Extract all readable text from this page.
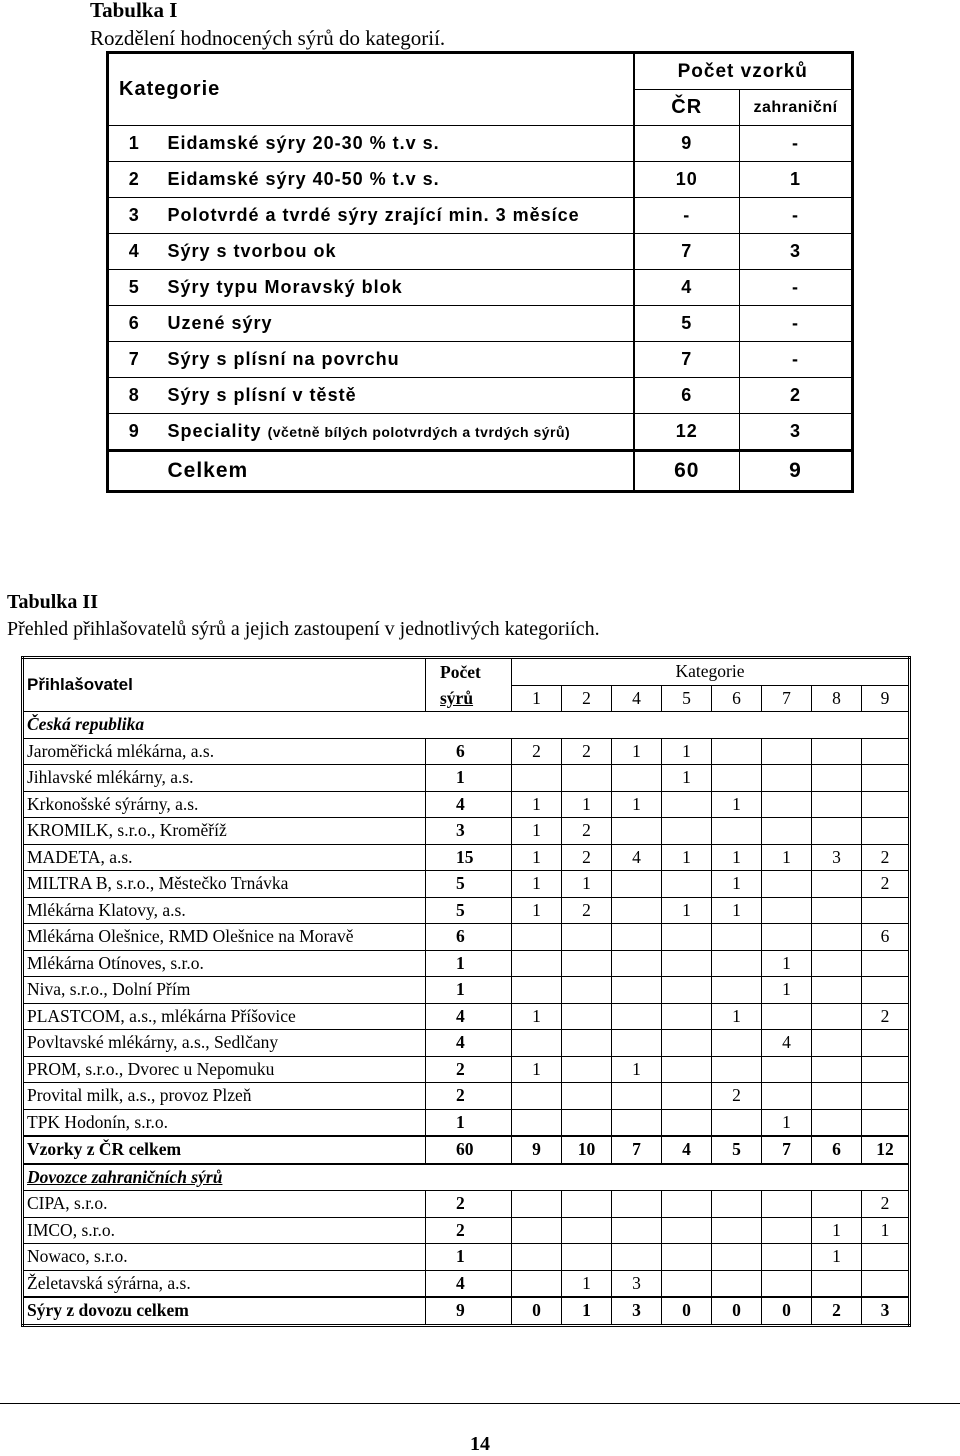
Tabulka I
Rozdělení hodnocených sýrů do kategorií.
Kategorie		Počet vzorků	
		ČR	zahraniční
1	Eidamské sýry 20-30 % t.v s.	9	-
2	Eidamské sýry 40-50 % t.v s.	10	1
3	Polotvrdé a tvrdé sýry zrající min. 3 měsíce	-	-
4	Sýry s tvorbou ok	7	3
5	Sýry typu Moravský blok	4	-
6	Uzené sýry	5	-
7	Sýry s plísní na povrchu	7	-
8	Sýry s plísní v těstě	6	2
9	Speciality (včetně bílých polotvrdých a tvrdých sýrů)	12	3
	Celkem	60	9
Tabulka II
Přehled přihlašovatelů sýrů a jejich zastoupení v jednotlivých kategoriích.
Přihlašovatel	Počet	Kategorie							
	sýrů	1	2	4	5	6	7	8	9
Česká republika									
Jaroměřická mlékárna, a.s.	6	2	2	1	1				
Jihlavské mlékárny, a.s.	1				1				
Krkonošské sýrárny, a.s.	4	1	1	1		1			
KROMILK, s.r.o., Kroměříž	3	1	2						
MADETA, a.s.	15	1	2	4	1	1	1	3	2
MILTRA B, s.r.o., Městečko Trnávka	5	1	1			1			2
Mlékárna Klatovy, a.s.	5	1	2		1	1			
Mlékárna Olešnice, RMD Olešnice na Moravě	6								6
Mlékárna Otínoves, s.r.o.	1						1		
Niva, s.r.o., Dolní Přím	1						1		
PLASTCOM, a.s., mlékárna Příšovice	4	1				1			2
Povltavské mlékárny, a.s., Sedlčany	4						4		
PROM, s.r.o., Dvorec u Nepomuku	2	1		1					
Provital milk, a.s., provoz Plzeň	2					2			
TPK Hodonín, s.r.o.	1						1		
Vzorky z ČR celkem	60	9	10	7	4	5	7	6	12
Dovozce zahraničních sýrů									
CIPA, s.r.o.	2								2
IMCO, s.r.o.	2							1	1
Nowaco, s.r.o.	1							1	
Želetavská sýrárna, a.s.	4		1	3					
Sýry z dovozu celkem	9	0	1	3	0	0	0	2	3
14
